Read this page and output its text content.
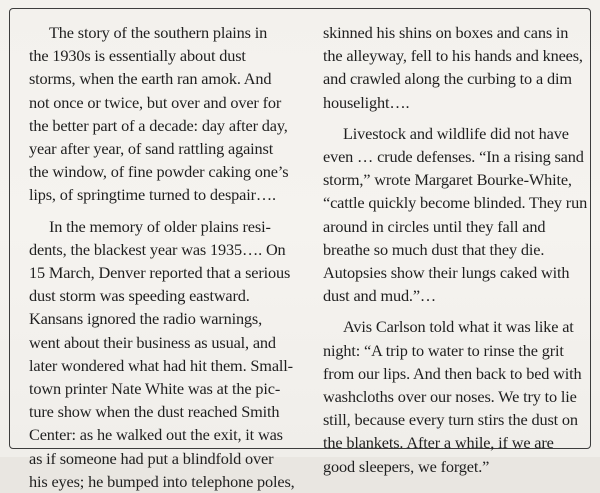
The story of the southern plains in
the 1930s is essentially about dust
storms, when the earth ran amok. And
not once or twice, but over and over for
the better part of a decade: day after day,
year after year, of sand rattling against
the window, of fine powder caking one’s
lips, of springtime turned to despair….
In the memory of older plains resi-
dents, the blackest year was 1935…. On
15 March, Denver reported that a serious
dust storm was speeding eastward.
Kansans ignored the radio warnings,
went about their business as usual, and
later wondered what had hit them. Small-
town printer Nate White was at the pic-
ture show when the dust reached Smith
Center: as he walked out the exit, it was
as if someone had put a blindfold over
his eyes; he bumped into telephone poles,
skinned his shins on boxes and cans in
the alleyway, fell to his hands and knees,
and crawled along the curbing to a dim
houselight….
Livestock and wildlife did not have
even … crude defenses. “In a rising sand
storm,” wrote Margaret Bourke-White,
“cattle quickly become blinded. They run
around in circles until they fall and
breathe so much dust that they die.
Autopsies show their lungs caked with
dust and mud.”…
Avis Carlson told what it was like at
night: “A trip to water to rinse the grit
from our lips. And then back to bed with
washcloths over our noses. We try to lie
still, because every turn stirs the dust on
the blankets. After a while, if we are
good sleepers, we forget.”
